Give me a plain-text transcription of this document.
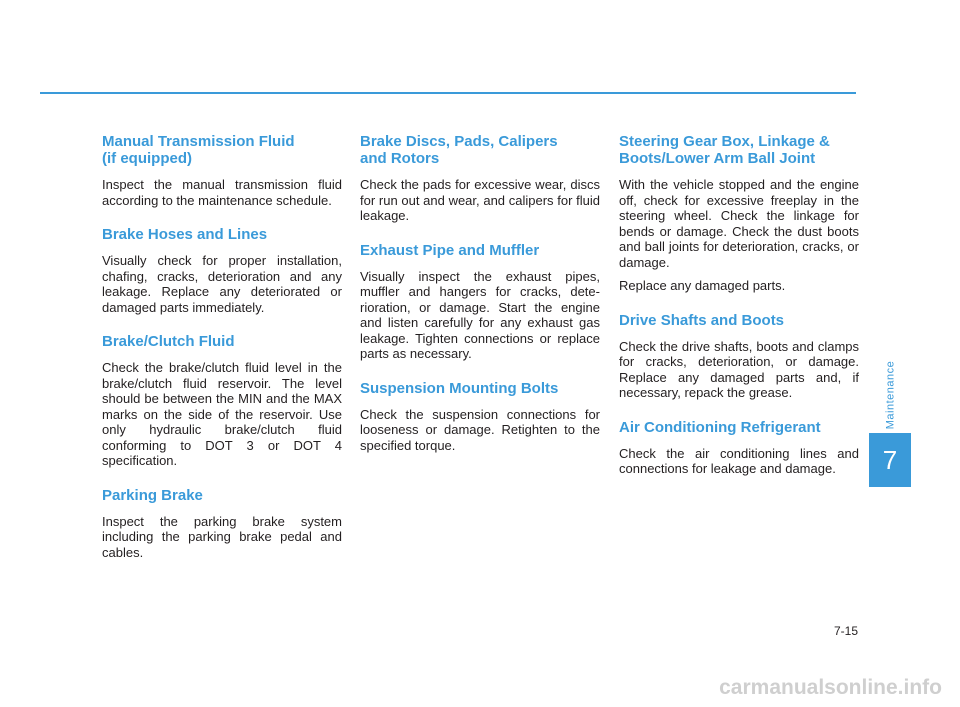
Manual Transmission Fluid
(if equipped)

Inspect the manual transmission fluid according to the maintenance schedule.

Brake Hoses and Lines

Visually check for proper installation, chafing, cracks, deterioration and any leakage. Replace any deteriorated or damaged parts immediately.

Brake/Clutch Fluid

Check the brake/clutch fluid level in the brake/clutch fluid reservoir. The level should be between the MIN and the MAX marks on the side of the reservoir. Use only hydraulic brake/clutch fluid conforming to DOT 3 or DOT 4 specification.

Parking Brake

Inspect the parking brake system including the parking brake pedal and cables.

Brake Discs, Pads, Calipers
and Rotors

Check the pads for excessive wear, discs for run out and wear, and calipers for fluid leakage.

Exhaust Pipe and Muffler

Visually inspect the exhaust pipes, muffler and hangers for cracks, deterioration, or damage. Start the engine and listen carefully for any exhaust gas leakage. Tighten connections or replace parts as necessary.

Suspension Mounting Bolts

Check the suspension connections for looseness or damage. Retighten to the specified torque.

Steering Gear Box, Linkage &
Boots/Lower Arm Ball Joint

With the vehicle stopped and the engine off, check for excessive freeplay in the steering wheel. Check the linkage for bends or damage. Check the dust boots and ball joints for deterioration, cracks, or damage.

Replace any damaged parts.

Drive Shafts and Boots

Check the drive shafts, boots and clamps for cracks, deterioration, or damage. Replace any damaged parts and, if necessary, repack the grease.

Air Conditioning Refrigerant

Check the air conditioning lines and connections for leakage and damage.

Maintenance
7
7-15
carmanualsonline.info
